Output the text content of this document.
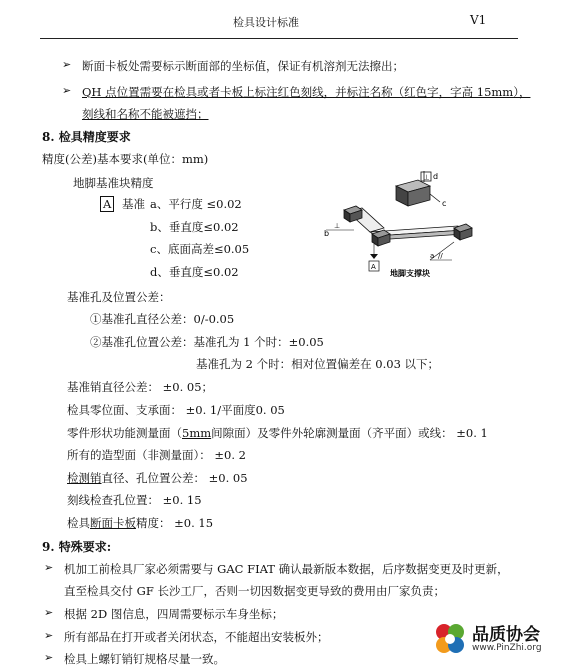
检具设计标准	V1
➢ 断面卡板处需要标示断面部的坐标值，保证有机溶剂无法擦出；
➢ QH 点位置需要在检具或者卡板上标注红色刻线，并标注名称（红色字，字高 15mm），
刻线和名称不能被遮挡；
8. 检具精度要求
精度(公差)基本要求(单位：mm)
地脚基准块精度
A 基准 a、平行度 ≤0.02
b、垂直度≤0.02
c、底面高差≤0.05
d、垂直度≤0.02
⊥ d
c
b
⊥
A
a //
地脚支撑块
基准孔及位置公差：
①基准孔直径公差：0/-0.05
②基准孔位置公差：基准孔为 1 个时：±0.05
基准孔为 2 个时：相对位置偏差在 0.03 以下；
基准销直径公差： ±0. 05；
检具零位面、支承面： ±0. 1/平面度0. 05
零件形状功能测量面（5mm间隙面）及零件外轮廓测量面（齐平面）或线： ±0. 1
所有的造型面（非测量面）： ±0. 2
检测销直径、孔位置公差： ±0. 05
刻线检查孔位置： ±0. 15
检具断面卡板精度： ±0. 15
9. 特殊要求:
➢ 机加工前检具厂家必须需要与 GAC FIAT 确认最新版本数据，后序数据变更及时更新，
直至检具交付 GF 长沙工厂，否则一切因数据变更导致的费用由厂家负责；
➢ 根据 2D 图信息，四周需要标示车身坐标；
➢ 所有部品在打开或者关闭状态，不能超出安装板外；
➢ 检具上螺钉销钉规格尽量一致。
品质协会
www.PinZhi.org
